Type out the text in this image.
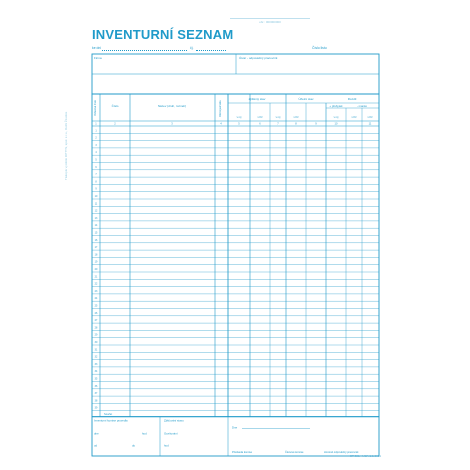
obr.: 000000000
INVENTURNÍ SEZNAM
ke dni	čj.	Číslo listu
Firma	Útvar - odpovědný pracovník
Pořadové číslo	Číslo	Název (druh, rozměr)	Měrná jednotka
Zjištěný stav	Účetní stav	Rozdíl
+ přebytek	- manko
v mj	v Kč	v mj	v Kč	v mj	v Kč	v Kč
1	2	3	4	5	6	7	8	9	10	11
1
2
3
4
5
6
7
8
9
10
11
12
13
14
15
16
17
18
19
20
21
22
23
24
25
26
27
28
29
30
31
32
33
34
35
36
37
38
39
Součet
Inventurní komise provedla	Zjišťování stavu
dne	hod
od	do
Oceňování
hod
Dne
Předseda komise	Členové komise	Hmotně odpovědný pracovník
ET 331 · MSA 1.1.0021
Tiskopis vyrobilo OPTYS, spol. s r.o., Dolní Životice
